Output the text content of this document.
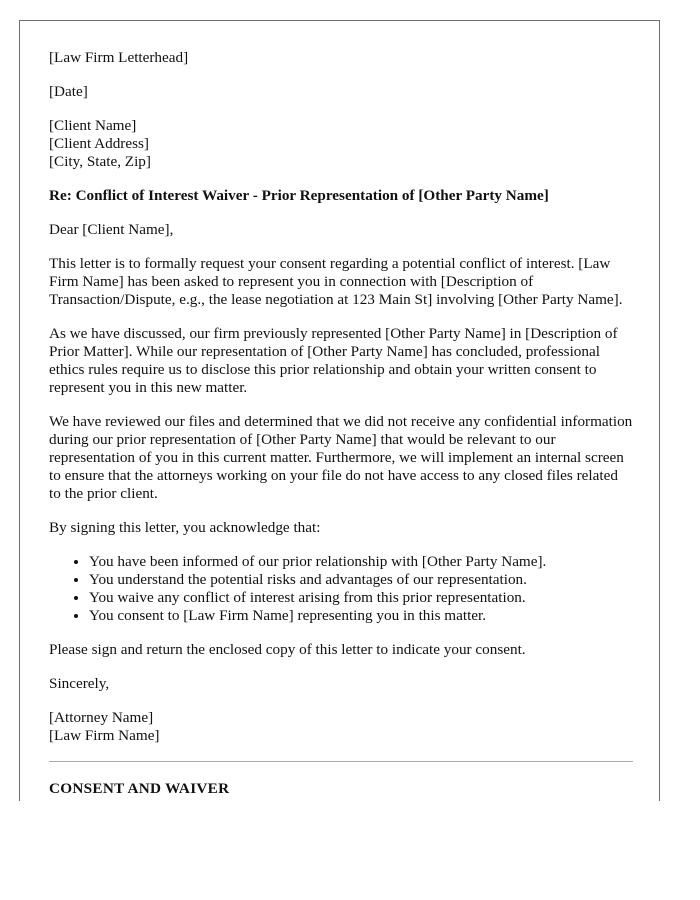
[Law Firm Letterhead]

[Date]

[Client Name]
[Client Address]
[City, State, Zip]

Re: Conflict of Interest Waiver - Prior Representation of [Other Party Name]

Dear [Client Name],

This letter is to formally request your consent regarding a potential conflict of interest. [Law Firm Name] has been asked to represent you in connection with [Description of Transaction/Dispute, e.g., the lease negotiation at 123 Main St] involving [Other Party Name].

As we have discussed, our firm previously represented [Other Party Name] in [Description of Prior Matter]. While our representation of [Other Party Name] has concluded, professional ethics rules require us to disclose this prior relationship and obtain your written consent to represent you in this new matter.

We have reviewed our files and determined that we did not receive any confidential information during our prior representation of [Other Party Name] that would be relevant to our representation of you in this current matter. Furthermore, we will implement an internal screen to ensure that the attorneys working on your file do not have access to any closed files related to the prior client.

By signing this letter, you acknowledge that:

• You have been informed of our prior relationship with [Other Party Name].
• You understand the potential risks and advantages of our representation.
• You waive any conflict of interest arising from this prior representation.
• You consent to [Law Firm Name] representing you in this matter.

Please sign and return the enclosed copy of this letter to indicate your consent.

Sincerely,

[Attorney Name]
[Law Firm Name]

CONSENT AND WAIVER
